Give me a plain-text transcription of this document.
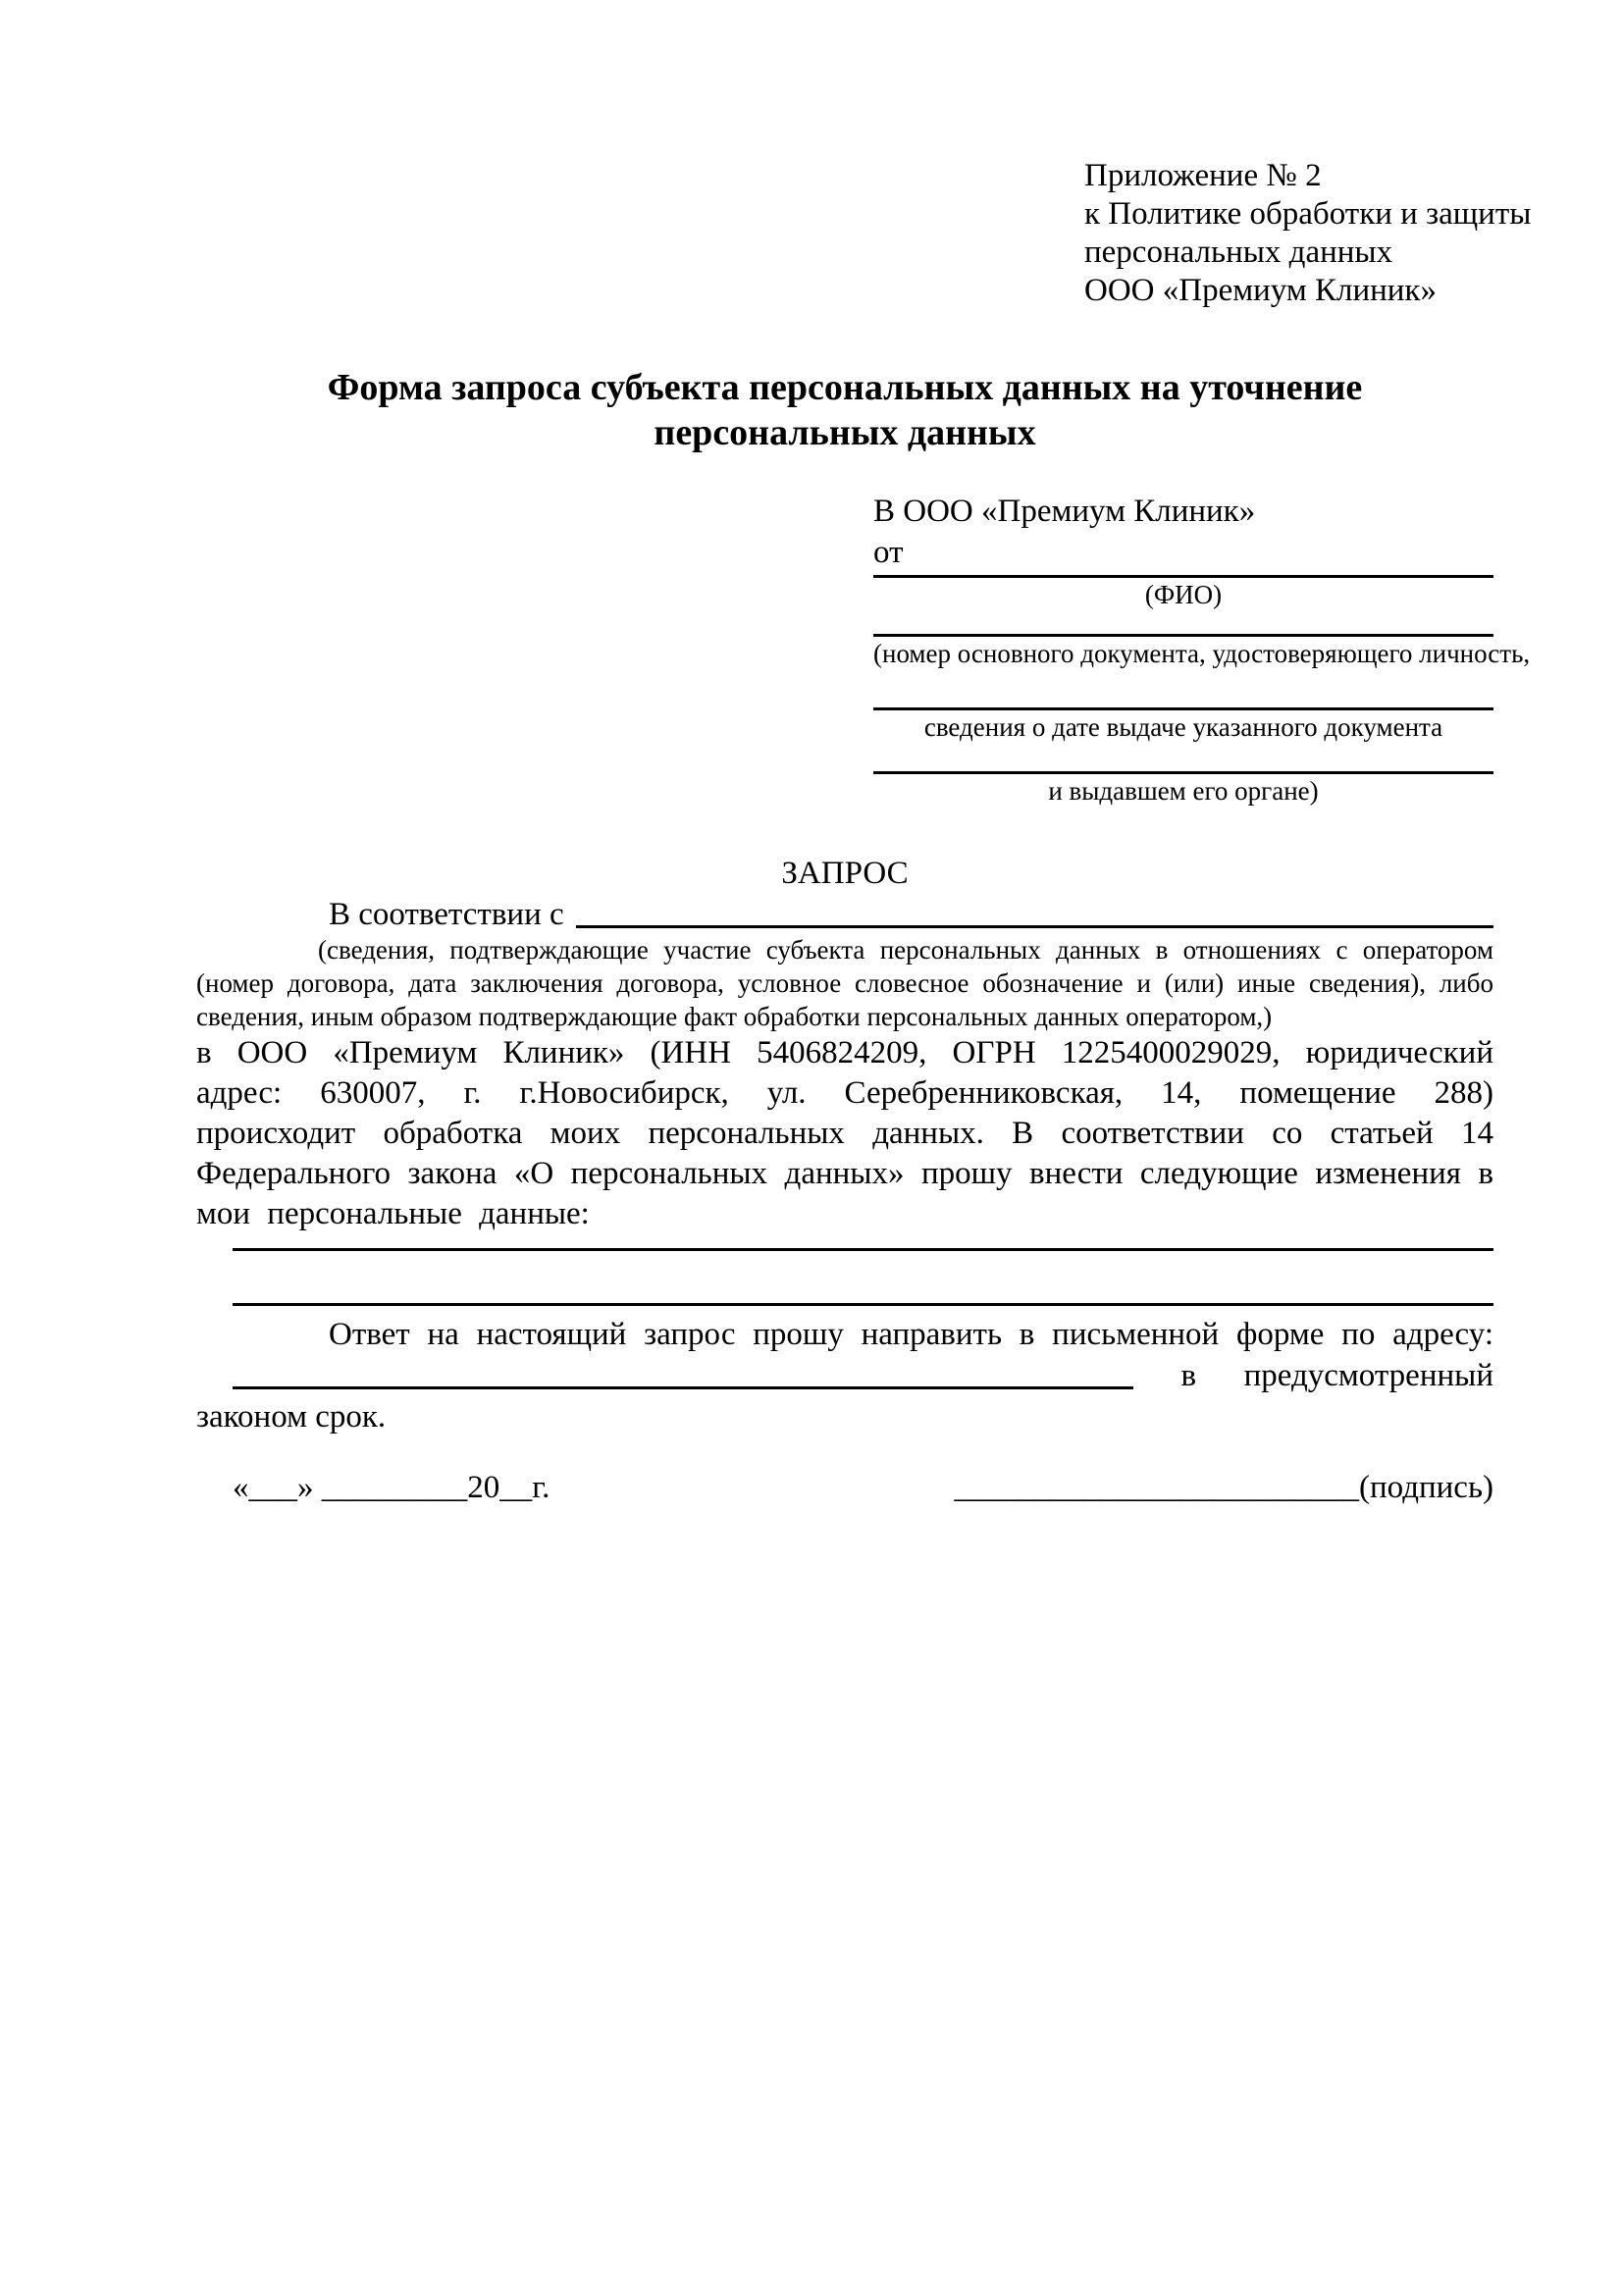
Приложение № 2
к Политике обработки и защиты
персональных данных
ООО «Премиум Клиник»
Форма запроса субъекта персональных данных на уточнение персональных данных
В ООО «Премиум Клиник»
от
(ФИО)
(номер основного документа, удостоверяющего личность,
сведения о дате выдаче указанного документа
и выдавшем его органе)
ЗАПРОС
В соответствии с
(сведения, подтверждающие участие субъекта персональных данных в отношениях с оператором (номер договора, дата заключения договора, условное словесное обозначение и (или) иные сведения), либо сведения, иным образом подтверждающие факт обработки персональных данных оператором,)
в ООО «Премиум Клиник» (ИНН 5406824209, ОГРН 1225400029029, юридический адрес: 630007, г. г.Новосибирск, ул. Серебренниковская, 14, помещение 288) происходит обработка моих персональных данных. В соответствии со статьей 14 Федерального закона «О персональных данных» прошу внести следующие изменения в мои персональные данные:
Ответ на настоящий запрос прошу направить в письменной форме по адресу:
в предусмотренный
законом срок.
«___» _________20__г.	_________________________(подпись)
